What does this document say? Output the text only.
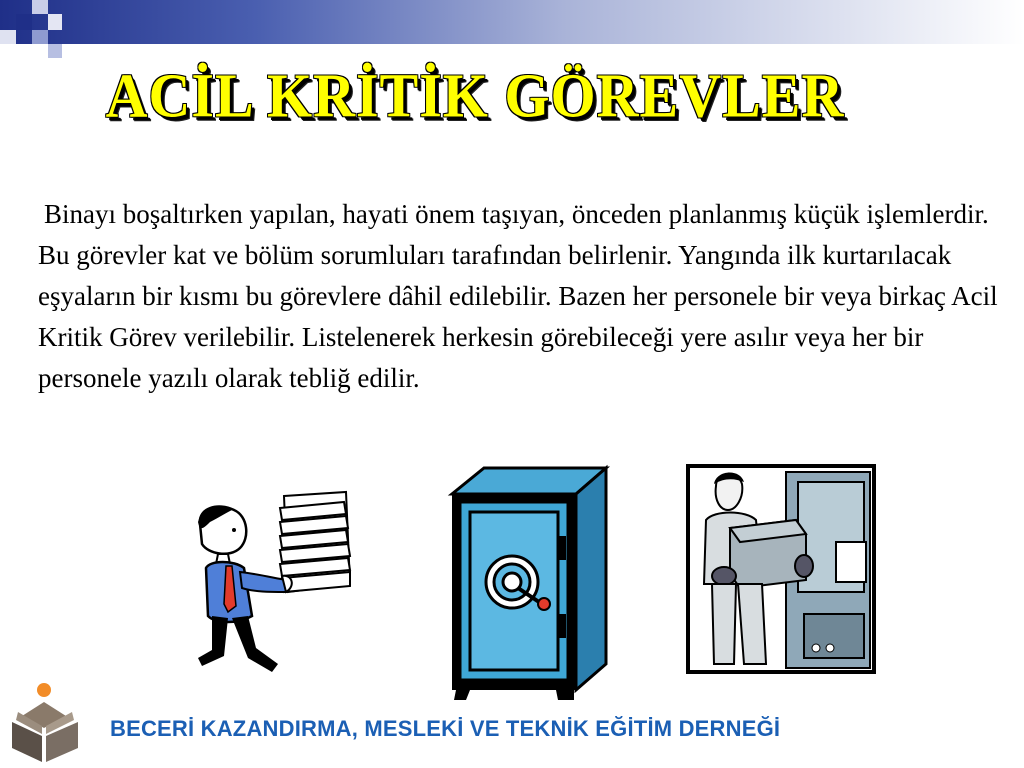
ACİL KRİTİK GÖREVLER

Binayı boşaltırken yapılan, hayati önem taşıyan, önceden planlanmış küçük işlemlerdir. Bu görevler kat ve bölüm sorumluları tarafından belirlenir. Yangında ilk kurtarılacak eşyaların bir kısmı bu görevlere dâhil edilebilir. Bazen her personele bir veya birkaç Acil Kritik Görev verilebilir. Listelenerek herkesin görebileceği yere asılır veya her bir personele yazılı olarak tebliğ edilir.

BECERİ KAZANDIRMA, MESLEKİ VE TEKNİK EĞİTİM DERNEĞİ
